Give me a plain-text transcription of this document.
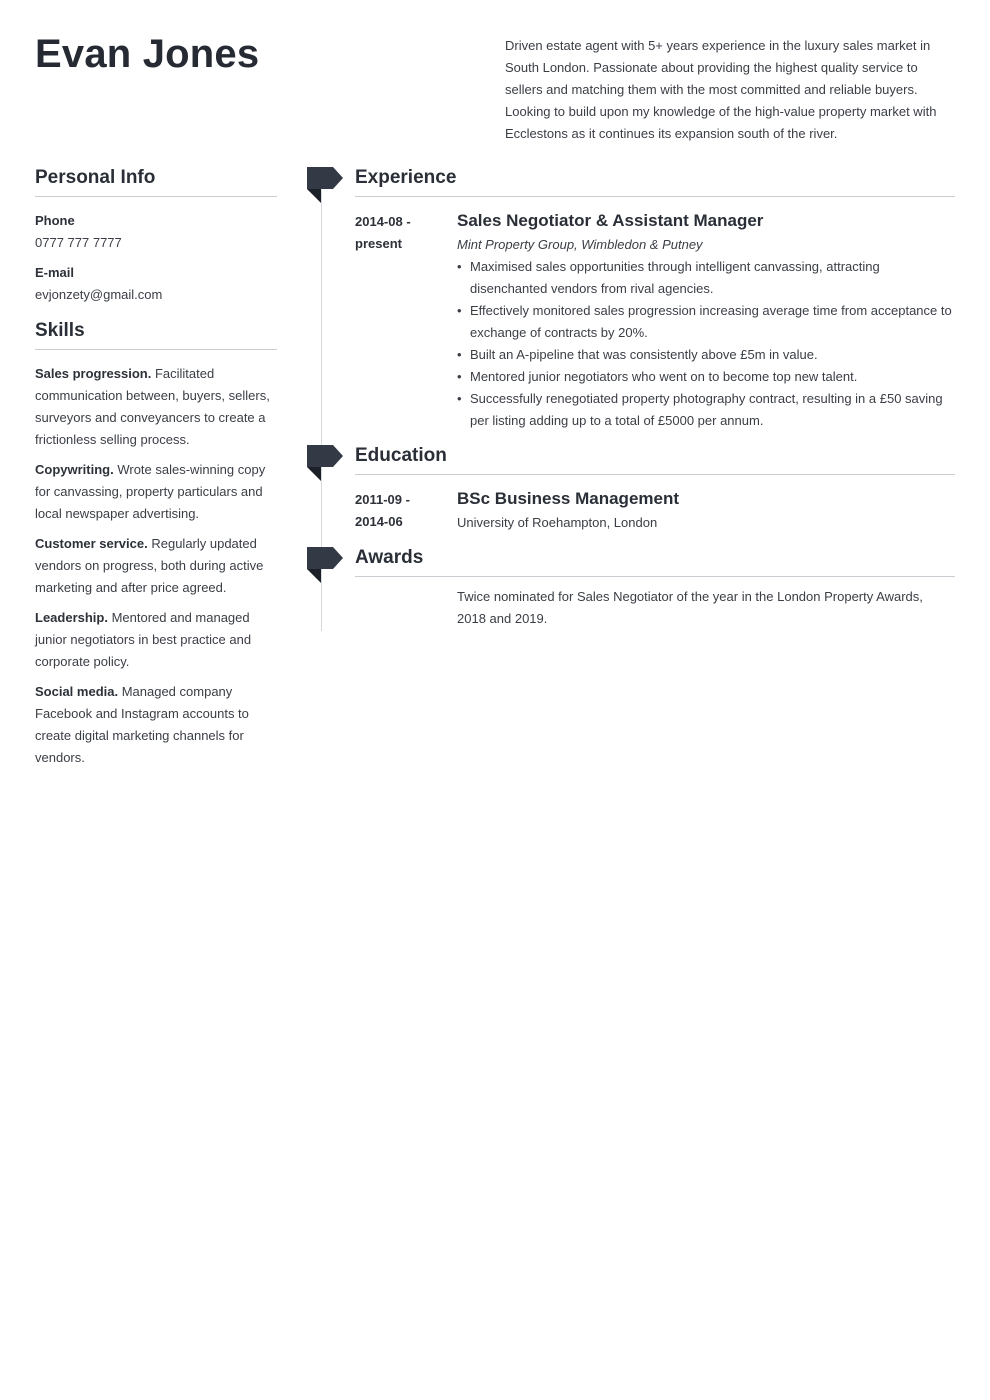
Evan Jones	Driven estate agent with 5+ years experience in the luxury sales market in South London. Passionate about providing the highest quality service to sellers and matching them with the most committed and reliable buyers. Looking to build upon my knowledge of the high-value property market with Ecclestons as it continues its expansion south of the river.

Personal Info
Phone
0777 777 7777
E-mail
evjonzety@gmail.com
Skills

Sales progression. Facilitated communication between, buyers, sellers, surveyors and conveyancers to create a frictionless selling process.

Copywriting. Wrote sales-winning copy for canvassing, property particulars and local newspaper advertising.

Customer service. Regularly updated vendors on progress, both during active marketing and after price agreed.

Leadership. Mentored and managed junior negotiators in best practice and corporate policy.

Social media. Managed company Facebook and Instagram accounts to create digital marketing channels for vendors.

Experience
2014-08 -
present
Sales Negotiator & Assistant Manager
Mint Property Group, Wimbledon & Putney
• Maximised sales opportunities through intelligent canvassing, attracting disenchanted vendors from rival agencies.
• Effectively monitored sales progression increasing average time from acceptance to exchange of contracts by 20%.
• Built an A-pipeline that was consistently above £5m in value.
• Mentored junior negotiators who went on to become top new talent.
• Successfully renegotiated property photography contract, resulting in a £50 saving per listing adding up to a total of £5000 per annum.
Education
2011-09 -
2014-06
BSc Business Management
University of Roehampton, London
Awards

Twice nominated for Sales Negotiator of the year in the London Property Awards, 2018 and 2019.
